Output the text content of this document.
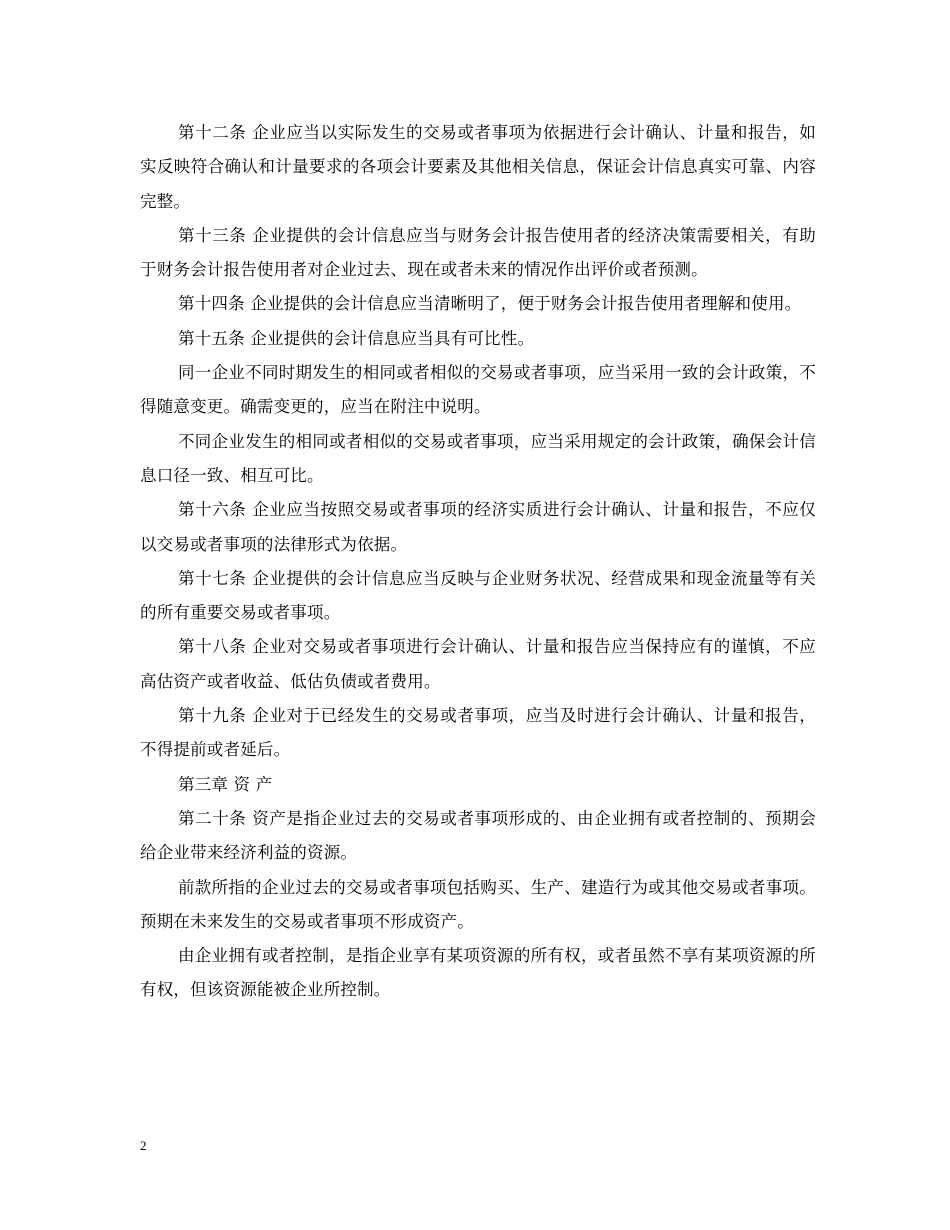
第十二条 企业应当以实际发生的交易或者事项为依据进行会计确认、计量和报告，如实反映符合确认和计量要求的各项会计要素及其他相关信息，保证会计信息真实可靠、内容完整。

第十三条 企业提供的会计信息应当与财务会计报告使用者的经济决策需要相关，有助于财务会计报告使用者对企业过去、现在或者未来的情况作出评价或者预测。

第十四条 企业提供的会计信息应当清晰明了，便于财务会计报告使用者理解和使用。

第十五条 企业提供的会计信息应当具有可比性。

同一企业不同时期发生的相同或者相似的交易或者事项，应当采用一致的会计政策，不得随意变更。确需变更的，应当在附注中说明。

不同企业发生的相同或者相似的交易或者事项，应当采用规定的会计政策，确保会计信息口径一致、相互可比。

第十六条 企业应当按照交易或者事项的经济实质进行会计确认、计量和报告，不应仅以交易或者事项的法律形式为依据。

第十七条 企业提供的会计信息应当反映与企业财务状况、经营成果和现金流量等有关的所有重要交易或者事项。

第十八条 企业对交易或者事项进行会计确认、计量和报告应当保持应有的谨慎，不应高估资产或者收益、低估负债或者费用。

第十九条 企业对于已经发生的交易或者事项，应当及时进行会计确认、计量和报告，不得提前或者延后。

第三章 资 产

第二十条 资产是指企业过去的交易或者事项形成的、由企业拥有或者控制的、预期会给企业带来经济利益的资源。

前款所指的企业过去的交易或者事项包括购买、生产、建造行为或其他交易或者事项。预期在未来发生的交易或者事项不形成资产。

由企业拥有或者控制，是指企业享有某项资源的所有权，或者虽然不享有某项资源的所有权，但该资源能被企业所控制。

2
